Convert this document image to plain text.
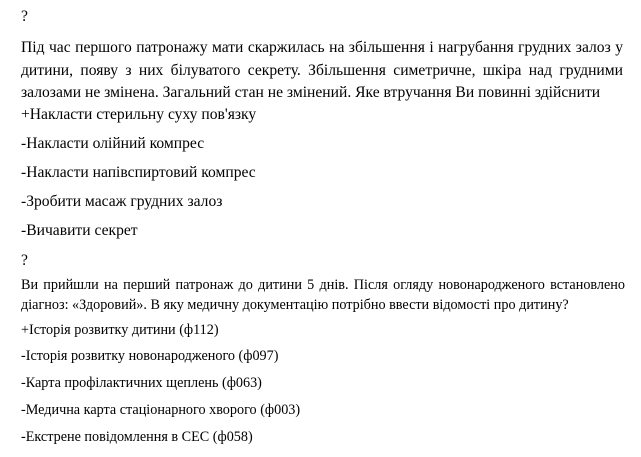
?
Під час першого патронажу мати скаржилась на збільшення і нагрубання грудних залоз у дитини, появу з них білуватого секрету. Збільшення симетричне, шкіра над грудними залозами не змінена. Загальний стан не змінений. Яке втручання Ви повинні здійснити
+Накласти стерильну суху пов'язку
-Накласти олійний компрес
-Накласти напівспиртовий компрес
-Зробити масаж грудних залоз
-Вичавити секрет
?
Ви прийшли на перший патронаж до дитини 5 днів. Після огляду новонародженого встановлено діагноз: «Здоровий». В яку медичну документацію потрібно ввести відомості про дитину?
+Історія розвитку дитини (ф112)
-Історія розвитку новонародженого (ф097)
-Карта профілактичних щеплень (ф063)
-Медична карта стаціонарного хворого (ф003)
-Екстрене повідомлення в СЕС (ф058)
